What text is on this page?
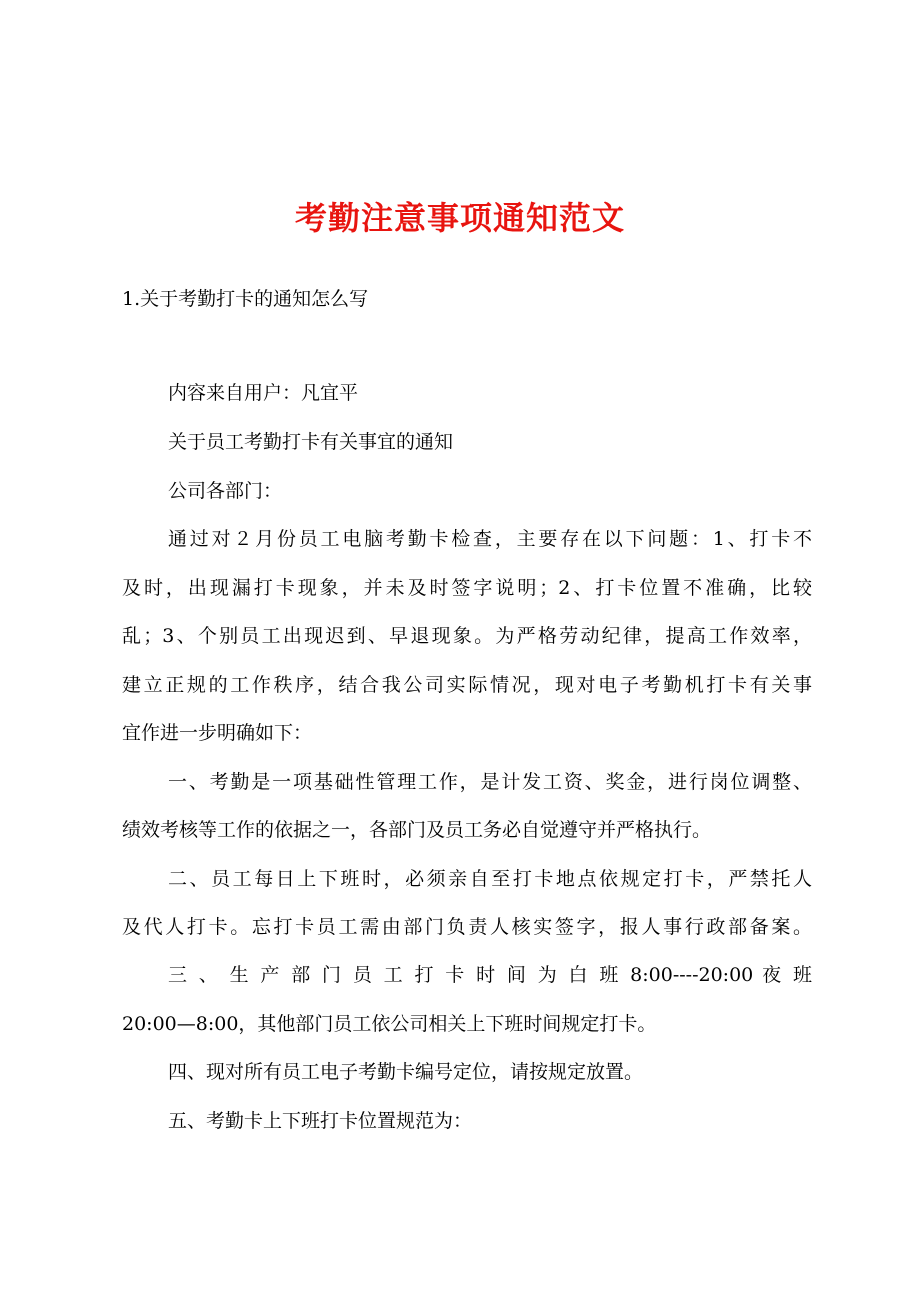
考勤注意事项通知范文

1.关于考勤打卡的通知怎么写

内容来自用户：凡宜平

关于员工考勤打卡有关事宜的通知

公司各部门：

通过对２月份员工电脑考勤卡检查，主要存在以下问题：1、打卡不

及时，出现漏打卡现象，并未及时签字说明；2、打卡位置不准确，比较

乱；3、个别员工出现迟到、早退现象。为严格劳动纪律，提高工作效率，

建立正规的工作秩序，结合我公司实际情况，现对电子考勤机打卡有关事

宜作进一步明确如下：

一、考勤是一项基础性管理工作，是计发工资、奖金，进行岗位调整、

绩效考核等工作的依据之一，各部门及员工务必自觉遵守并严格执行。

二、员工每日上下班时，必须亲自至打卡地点依规定打卡，严禁托人

及代人打卡。忘打卡员工需由部门负责人核实签字，报人事行政部备案。

三 、 生 产 部 门 员 工 打 卡 时 间 为 白 班 8:00----20:00 夜 班

20:00—8:00，其他部门员工依公司相关上下班时间规定打卡。

四、现对所有员工电子考勤卡编号定位，请按规定放置。

五、考勤卡上下班打卡位置规范为：
